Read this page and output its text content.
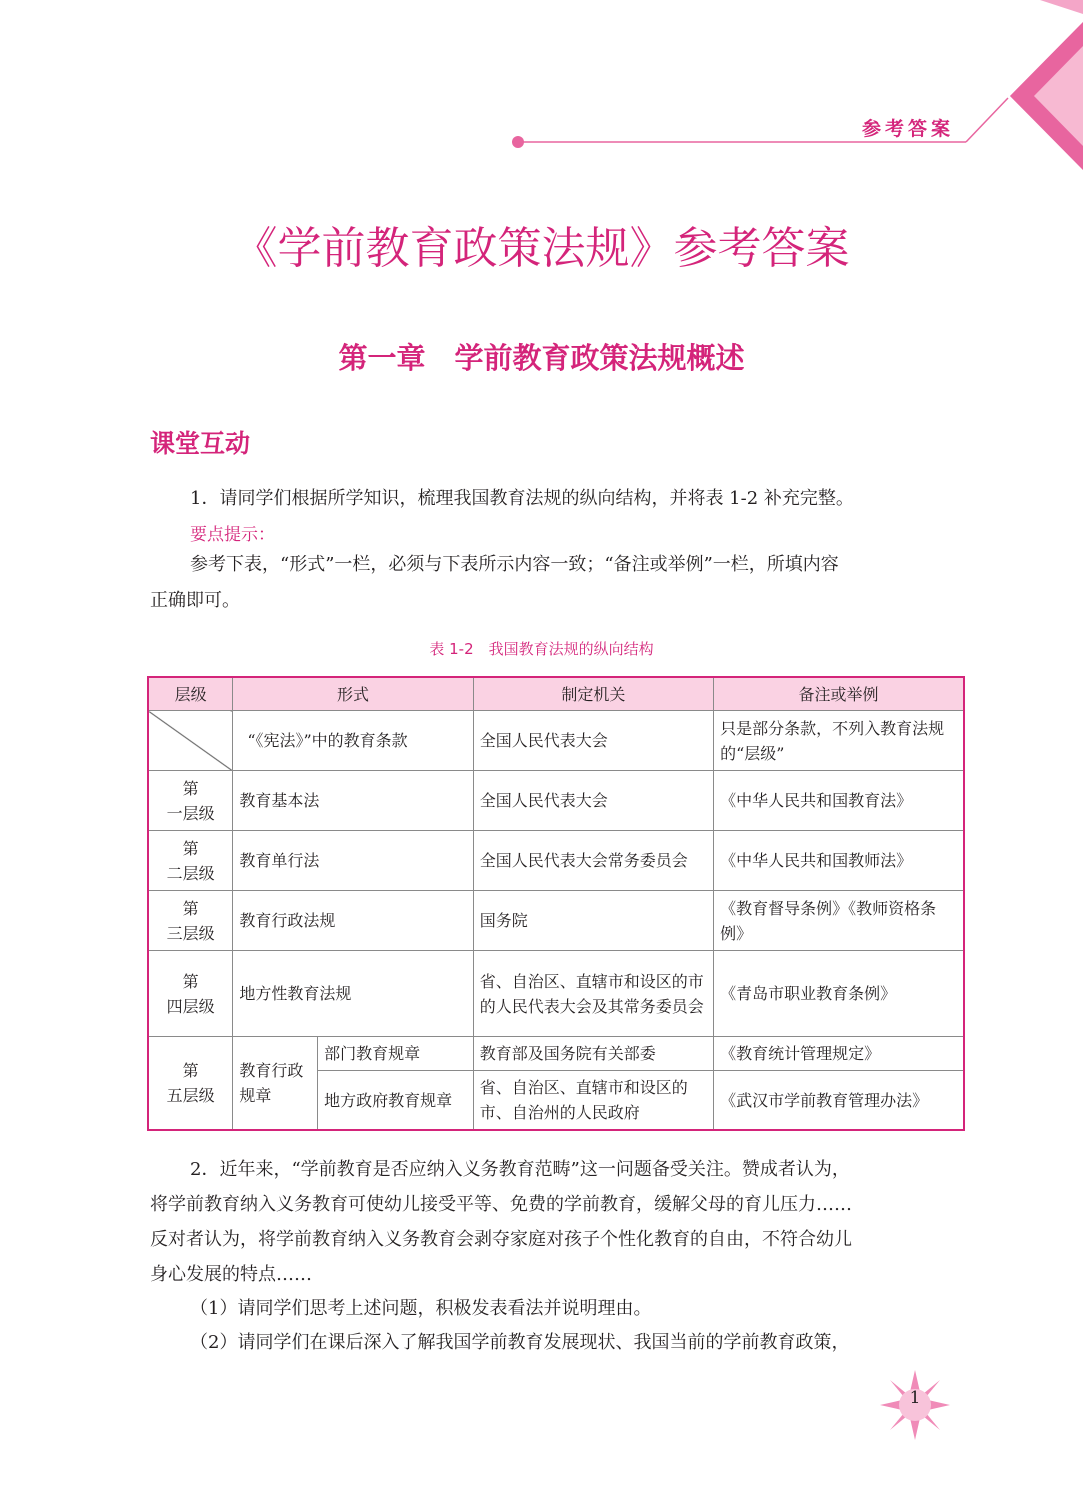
参考答案
《学前教育政策法规》参考答案
第一章　学前教育政策法规概述
课堂互动
1．请同学们根据所学知识，梳理我国教育法规的纵向结构，并将表 1-2 补充完整。
要点提示：
参考下表，“形式”一栏，必须与下表所示内容一致；“备注或举例”一栏，所填内容
正确即可。
表 1-2　我国教育法规的纵向结构
层级	形式		制定机关	备注或举例
	“《宪法》”中的教育条款		全国人民代表大会	只是部分条款，不列入教育法规的“层级”
第
一层级	教育基本法		全国人民代表大会	《中华人民共和国教育法》
第
二层级	教育单行法		全国人民代表大会常务委员会	《中华人民共和国教师法》
第
三层级	教育行政法规		国务院	《教育督导条例》《教师资格条例》
第
四层级	地方性教育法规		省、自治区、直辖市和设区的市的人民代表大会及其常务委员会	《青岛市职业教育条例》
第
五层级	教育行政规章	部门教育规章	教育部及国务院有关部委	《教育统计管理规定》
		地方政府教育规章	省、自治区、直辖市和设区的市、自治州的人民政府	《武汉市学前教育管理办法》
2．近年来，“学前教育是否应纳入义务教育范畴”这一问题备受关注。赞成者认为，
将学前教育纳入义务教育可使幼儿接受平等、免费的学前教育，缓解父母的育儿压力……
反对者认为，将学前教育纳入义务教育会剥夺家庭对孩子个性化教育的自由，不符合幼儿
身心发展的特点……
（1）请同学们思考上述问题，积极发表看法并说明理由。
（2）请同学们在课后深入了解我国学前教育发展现状、我国当前的学前教育政策，
1
